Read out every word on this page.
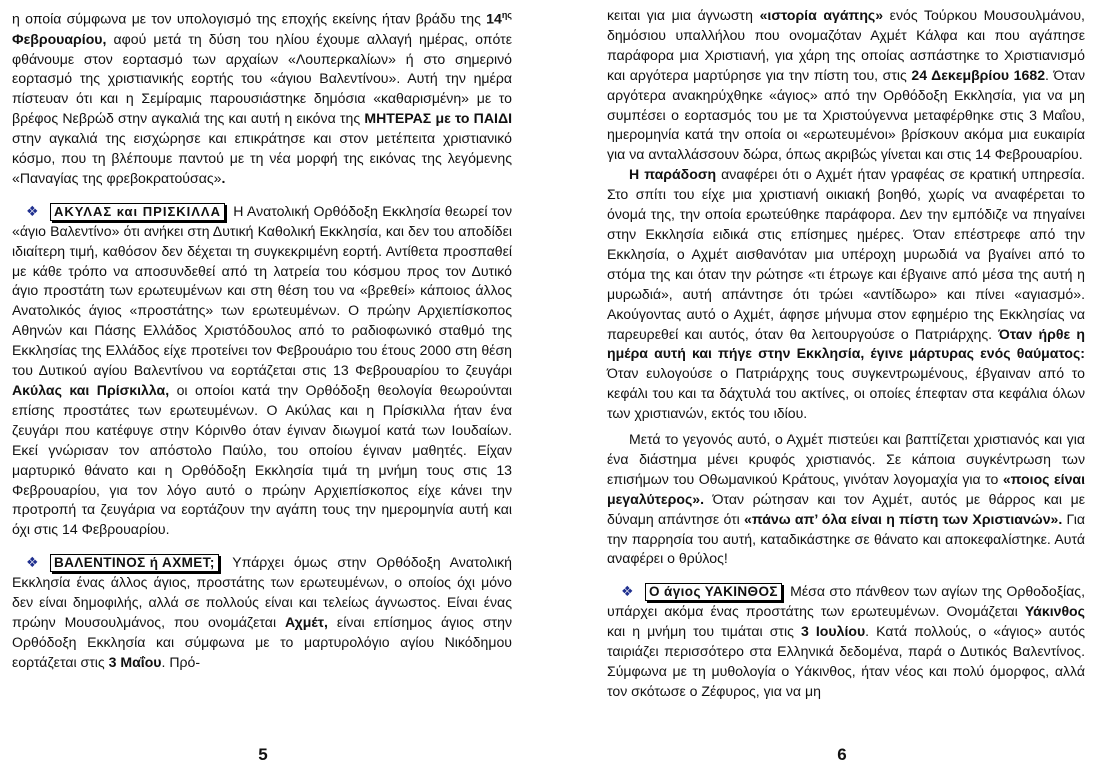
η οποία σύμφωνα με τον υπολογισμό της εποχής εκείνης ήταν βράδυ της $14^{\eta\varsigma}$ Φεβρουαρίου, αφού μετά τη δύση του ηλίου έχουμε αλλαγή ημέρας, οπότε φθάνουμε στον εορτασμό των αρχαίων «Λουπερκαλίων» ή στο σημερινό εορτασμό της χριστιανικής εορτής του «άγιου Βαλεντίνου». Αυτή την ημέρα πίστευαν ότι και η Σεμίραμις παρουσιάστηκε δημόσια «καθαρισμένη» με το βρέφος Νεβρώδ στην αγκαλιά της και αυτή η εικόνα της ΜΗΤΕΡΑΣ με το ΠΑΙΔΙ στην αγκαλιά της εισχώρησε και επικράτησε και στον μετέπειτα χριστιανικό κόσμο, που τη βλέπουμε παντού με τη νέα μορφή της εικόνας της λεγόμενης «Παναγίας της φρεβοκρατούσας».

❖ ΑΚΥΛΑΣ και ΠΡΙΣΚΙΛΛΑ Η Ανατολική Ορθόδοξη Εκκλησία θεωρεί τον «άγιο Βαλεντίνο» ότι ανήκει στη Δυτική Καθολική Εκκλησία, και δεν του αποδίδει ιδιαίτερη τιμή, καθόσον δεν δέχεται τη συγκεκριμένη εορτή. Αντίθετα προσπαθεί με κάθε τρόπο να αποσυνδεθεί από τη λατρεία του κόσμου προς τον Δυτικό άγιο προστάτη των ερωτευμένων και στη θέση του να «βρεθεί» κάποιος άλλος Ανατολικός άγιος «προστάτης» των ερωτευμένων. Ο πρώην Αρχιεπίσκοπος Αθηνών και Πάσης Ελλάδος Χριστόδουλος από το ραδιοφωνικό σταθμό της Εκκλησίας της Ελλάδος είχε προτείνει τον Φεβρουάριο του έτους 2000 στη θέση του Δυτικού αγίου Βαλεντίνου να εορτάζεται στις 13 Φεβρουαρίου το ζευγάρι Ακύλας και Πρίσκιλλα, οι οποίοι κατά την Ορθόδοξη θεολογία θεωρούνται επίσης προστάτες των ερωτευμένων. Ο Ακύλας και η Πρίσκιλλα ήταν ένα ζευγάρι που κατέφυγε στην Κόρινθο όταν έγιναν διωγμοί κατά των Ιουδαίων. Εκεί γνώρισαν τον απόστολο Παύλο, του οποίου έγιναν μαθητές. Είχαν μαρτυρικό θάνατο και η Ορθόδοξη Εκκλησία τιμά τη μνήμη τους στις 13 Φεβρουαρίου, για τον λόγο αυτό ο πρώην Αρχιεπίσκοπος είχε κάνει την προτροπή τα ζευγάρια να εορτάζουν την αγάπη τους την ημερομηνία αυτή και όχι στις 14 Φεβρουαρίου.

❖ ΒΑΛΕΝΤΙΝΟΣ ή ΑΧΜΕΤ; Υπάρχει όμως στην Ορθόδοξη Ανατολική Εκκλησία ένας άλλος άγιος, προστάτης των ερωτευμένων, ο οποίος όχι μόνο δεν είναι δημοφιλής, αλλά σε πολλούς είναι και τελείως άγνωστος. Είναι ένας πρώην Μουσουλμάνος, που ονομάζεται Αχμέτ, είναι επίσημος άγιος στην Ορθόδοξη Εκκλησία και σύμφωνα με το μαρτυρολόγιο αγίου Νικόδημου εορτάζεται στις 3 Μαΐου. Πρό-

5

κειται για μια άγνωστη «ιστορία αγάπης» ενός Τούρκου Μουσουλμάνου, δημόσιου υπαλλήλου που ονομαζόταν Αχμέτ Κάλφα και που αγάπησε παράφορα μια Χριστιανή, για χάρη της οποίας ασπάστηκε το Χριστιανισμό και αργότερα μαρτύρησε για την πίστη του, στις 24 Δεκεμβρίου 1682. Όταν αργότερα ανακηρύχθηκε «άγιος» από την Ορθόδοξη Εκκλησία, για να μη συμπέσει ο εορτασμός του με τα Χριστούγεννα μεταφέρθηκε στις 3 Μαΐου, ημερομηνία κατά την οποία οι «ερωτευμένοι» βρίσκουν ακόμα μια ευκαιρία για να ανταλλάσσουν δώρα, όπως ακριβώς γίνεται και στις 14 Φεβρουαρίου.

Η παράδοση αναφέρει ότι ο Αχμέτ ήταν γραφέας σε κρατική υπηρεσία. Στο σπίτι του είχε μια χριστιανή οικιακή βοηθό, χωρίς να αναφέρεται το όνομά της, την οποία ερωτεύθηκε παράφορα. Δεν την εμπόδιζε να πηγαίνει στην Εκκλησία ειδικά στις επίσημες ημέρες. Όταν επέστρεφε από την Εκκλησία, ο Αχμέτ αισθανόταν μια υπέροχη μυρωδιά να βγαίνει από το στόμα της και όταν την ρώτησε «τι έτρωγε και έβγαινε από μέσα της αυτή η μυρωδιά», αυτή απάντησε ότι τρώει «αντίδωρο» και πίνει «αγιασμό». Ακούγοντας αυτό ο Αχμέτ, άφησε μήνυμα στον εφημέριο της Εκκλησίας να παρευρεθεί και αυτός, όταν θα λειτουργούσε ο Πατριάρχης. Όταν ήρθε η ημέρα αυτή και πήγε στην Εκκλησία, έγινε μάρτυρας ενός θαύματος: Όταν ευλογούσε ο Πατριάρχης τους συγκεντρωμένους, έβγαιναν από το κεφάλι του και τα δάχτυλά του ακτίνες, οι οποίες έπεφταν στα κεφάλια όλων των χριστιανών, εκτός του ιδίου.

Μετά το γεγονός αυτό, ο Αχμέτ πιστεύει και βαπτίζεται χριστιανός και για ένα διάστημα μένει κρυφός χριστιανός. Σε κάποια συγκέντρωση των επισήμων του Οθωμανικού Κράτους, γινόταν λογομαχία για το «ποιος είναι μεγαλύτερος». Όταν ρώτησαν και τον Αχμέτ, αυτός με θάρρος και με δύναμη απάντησε ότι «πάνω απ’ όλα είναι η πίστη των Χριστιανών». Για την παρρησία του αυτή, καταδικάστηκε σε θάνατο και αποκεφαλίστηκε. Αυτά αναφέρει ο θρύλος!

❖ Ο άγιος ΥΑΚΙΝΘΟΣ Μέσα στο πάνθεον των αγίων της Ορθοδοξίας, υπάρχει ακόμα ένας προστάτης των ερωτευμένων. Ονομάζεται Υάκινθος και η μνήμη του τιμάται στις 3 Ιουλίου. Κατά πολλούς, ο «άγιος» αυτός ταιριάζει περισσότερο στα Ελληνικά δεδομένα, παρά ο Δυτικός Βαλεντίνος. Σύμφωνα με τη μυθολογία ο Υάκινθος, ήταν νέος και πολύ όμορφος, αλλά τον σκότωσε ο Ζέφυρος, για να μη

6
